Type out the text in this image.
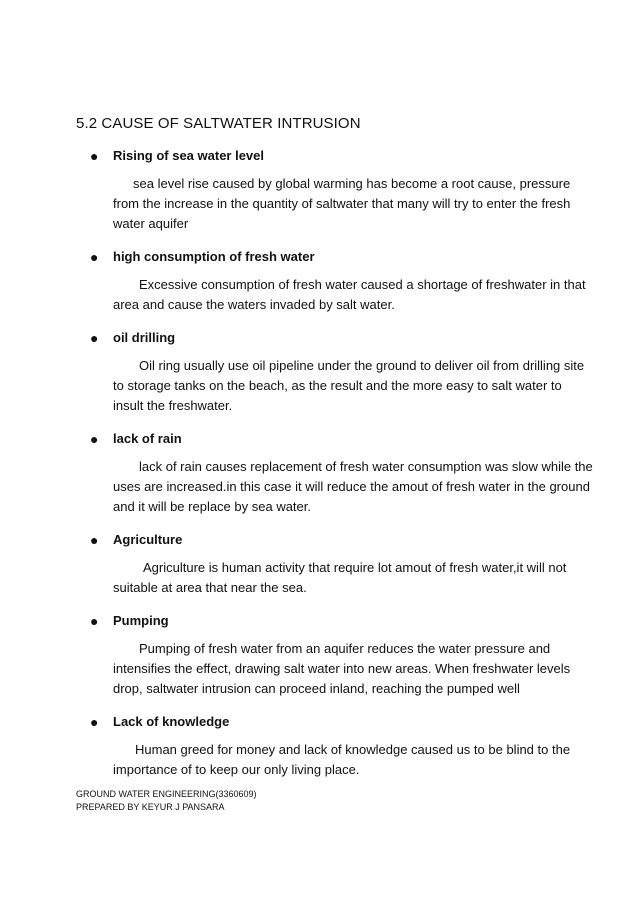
5.2 CAUSE OF SALTWATER INTRUSION
● Rising of sea water level
sea level rise caused by global warming has become a root cause, pressure from the increase in the quantity of saltwater that many will try to enter the fresh water aquifer
● high consumption of fresh water
Excessive consumption of fresh water caused a shortage of freshwater in that area and cause the waters invaded by salt water.
● oil drilling
Oil ring usually use oil pipeline under the ground to deliver oil from drilling site to storage tanks on the beach, as the result and the more easy to salt water to insult the freshwater.
● lack of rain
lack of rain causes replacement of fresh water consumption was slow while the uses are increased.in this case it will reduce the amout of fresh water in the ground and it will be replace by sea water.
● Agriculture
Agriculture is human activity that require lot amout of fresh water,it will not suitable at area that near the sea.
● Pumping
Pumping of fresh water from an aquifer reduces the water pressure and intensifies the effect, drawing salt water into new areas. When freshwater levels drop, saltwater intrusion can proceed inland, reaching the pumped well
● Lack of knowledge
Human greed for money and lack of knowledge caused us to be blind to the importance of to keep our only living place.
GROUND WATER ENGINEERING(3360609)
PREPARED BY KEYUR J PANSARA
